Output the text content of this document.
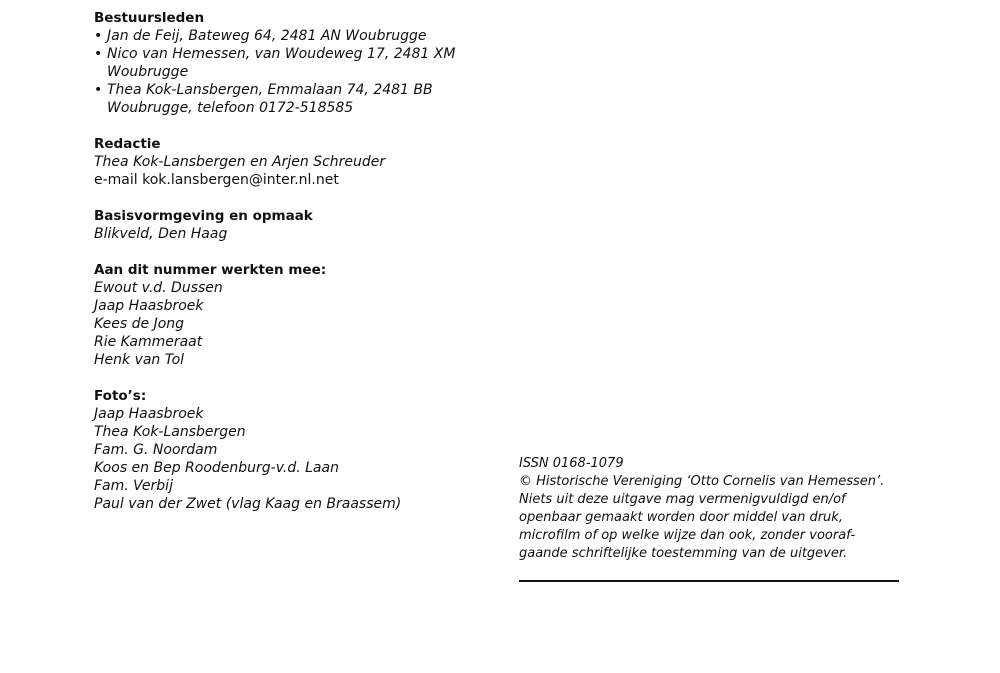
Bestuursleden
• Jan de Feij, Bateweg 64, 2481 AN Woubrugge
• Nico van Hemessen, van Woudeweg 17, 2481 XM Woubrugge
• Thea Kok-Lansbergen, Emmalaan 74, 2481 BB Woubrugge, telefoon 0172-518585
Redactie
Thea Kok-Lansbergen en Arjen Schreuder
e-mail kok.lansbergen@inter.nl.net
Basisvormgeving en opmaak
Blikveld, Den Haag
Aan dit nummer werkten mee:
Ewout v.d. Dussen
Jaap Haasbroek
Kees de Jong
Rie Kammeraat
Henk van Tol
Foto’s:
Jaap Haasbroek
Thea Kok-Lansbergen
Fam. G. Noordam
Koos en Bep Roodenburg-v.d. Laan
Fam. Verbij
Paul van der Zwet (vlag Kaag en Braassem)
ISSN 0168-1079
© Historische Vereniging ‘Otto Cornelis van Hemessen’.
Niets uit deze uitgave mag vermenigvuldigd en/of
openbaar gemaakt worden door middel van druk,
microfilm of op welke wijze dan ook, zonder vooraf-
gaande schriftelijke toestemming van de uitgever.
